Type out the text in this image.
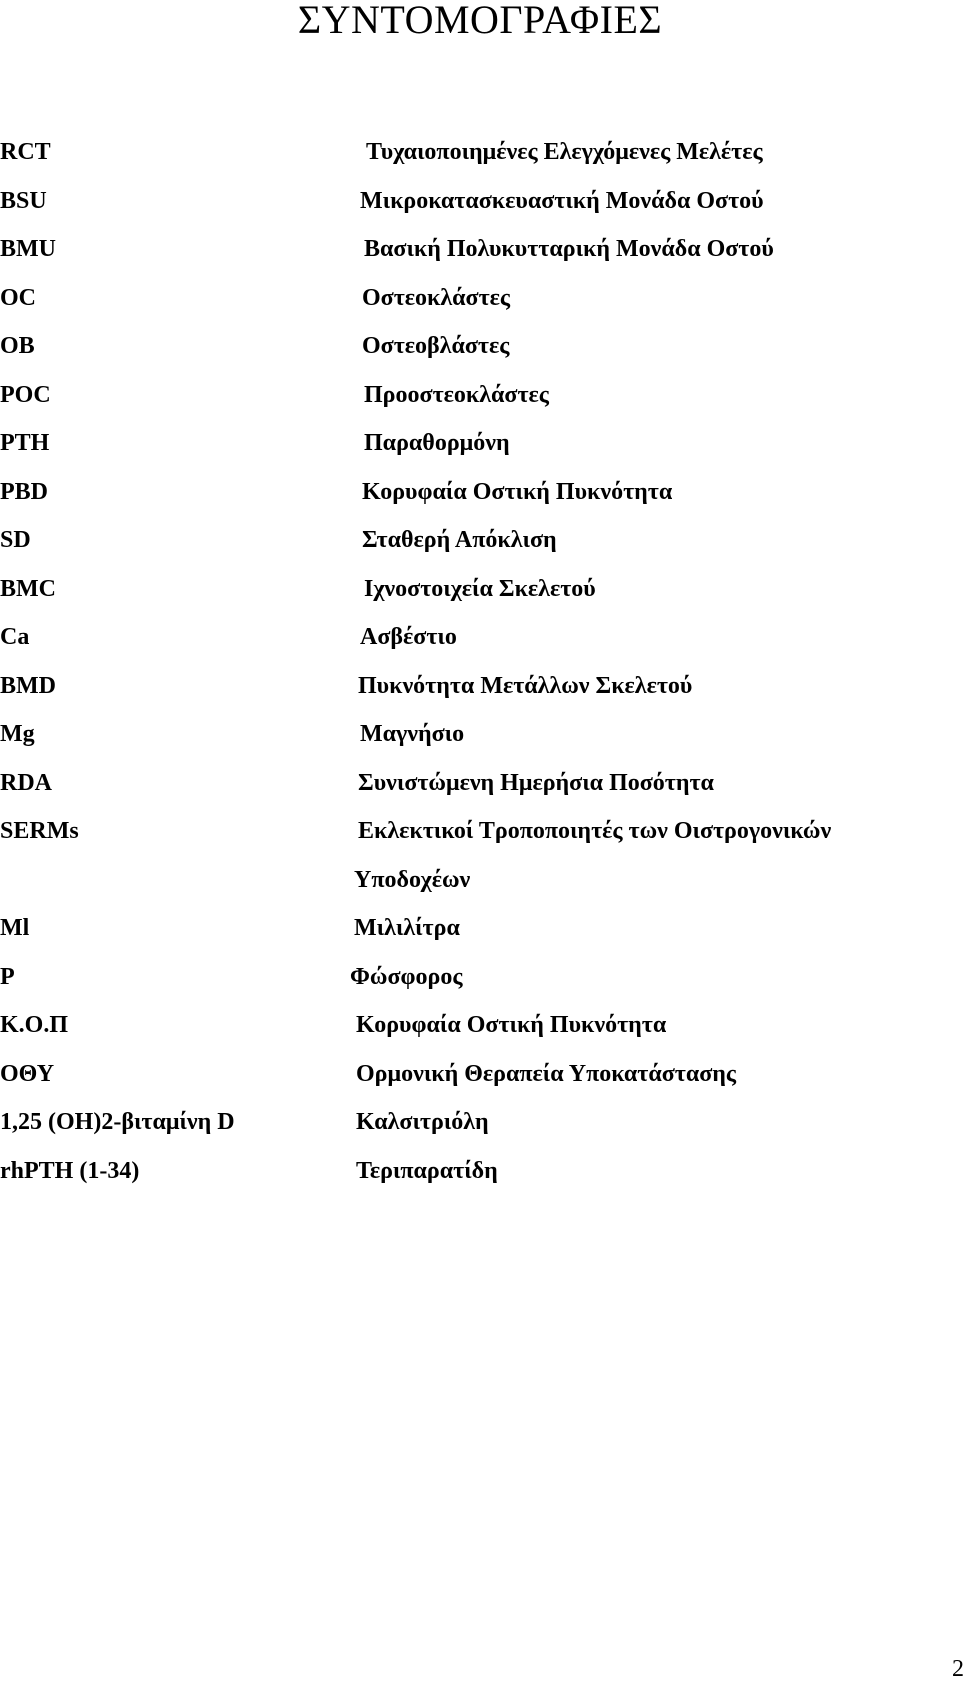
ΣΥΝΤΟΜΟΓΡΑΦΙΕΣ
RCT	Τυχαιοποιημένες Ελεγχόμενες Μελέτες
BSU	Μικροκατασκευαστική Μονάδα Οστού
BMU	Βασική Πολυκυτταρική Μονάδα Οστού
OC	Οστεοκλάστες
OB	Οστεοβλάστες
POC	Προοστεοκλάστες
PTH	Παραθορμόνη
PBD	Κορυφαία Οστική Πυκνότητα
SD	Σταθερή Απόκλιση
BMC	Ιχνοστοιχεία Σκελετού
Ca	Ασβέστιο
BMD	Πυκνότητα Μετάλλων Σκελετού
Mg	Μαγνήσιο
RDA	Συνιστώμενη Ημερήσια Ποσότητα
SERMs	Εκλεκτικοί Τροποποιητές των Οιστρογονικών
Υποδοχέων
Ml	Μιλιλίτρα
P	Φώσφορος
Κ.Ο.Π	Κορυφαία Οστική Πυκνότητα
ΟΘΥ	Ορμονική Θεραπεία Υποκατάστασης
1,25 (OH)2-βιταμίνη D	Καλσιτριόλη
rhPTH (1-34)	Τεριπαρατίδη
2
